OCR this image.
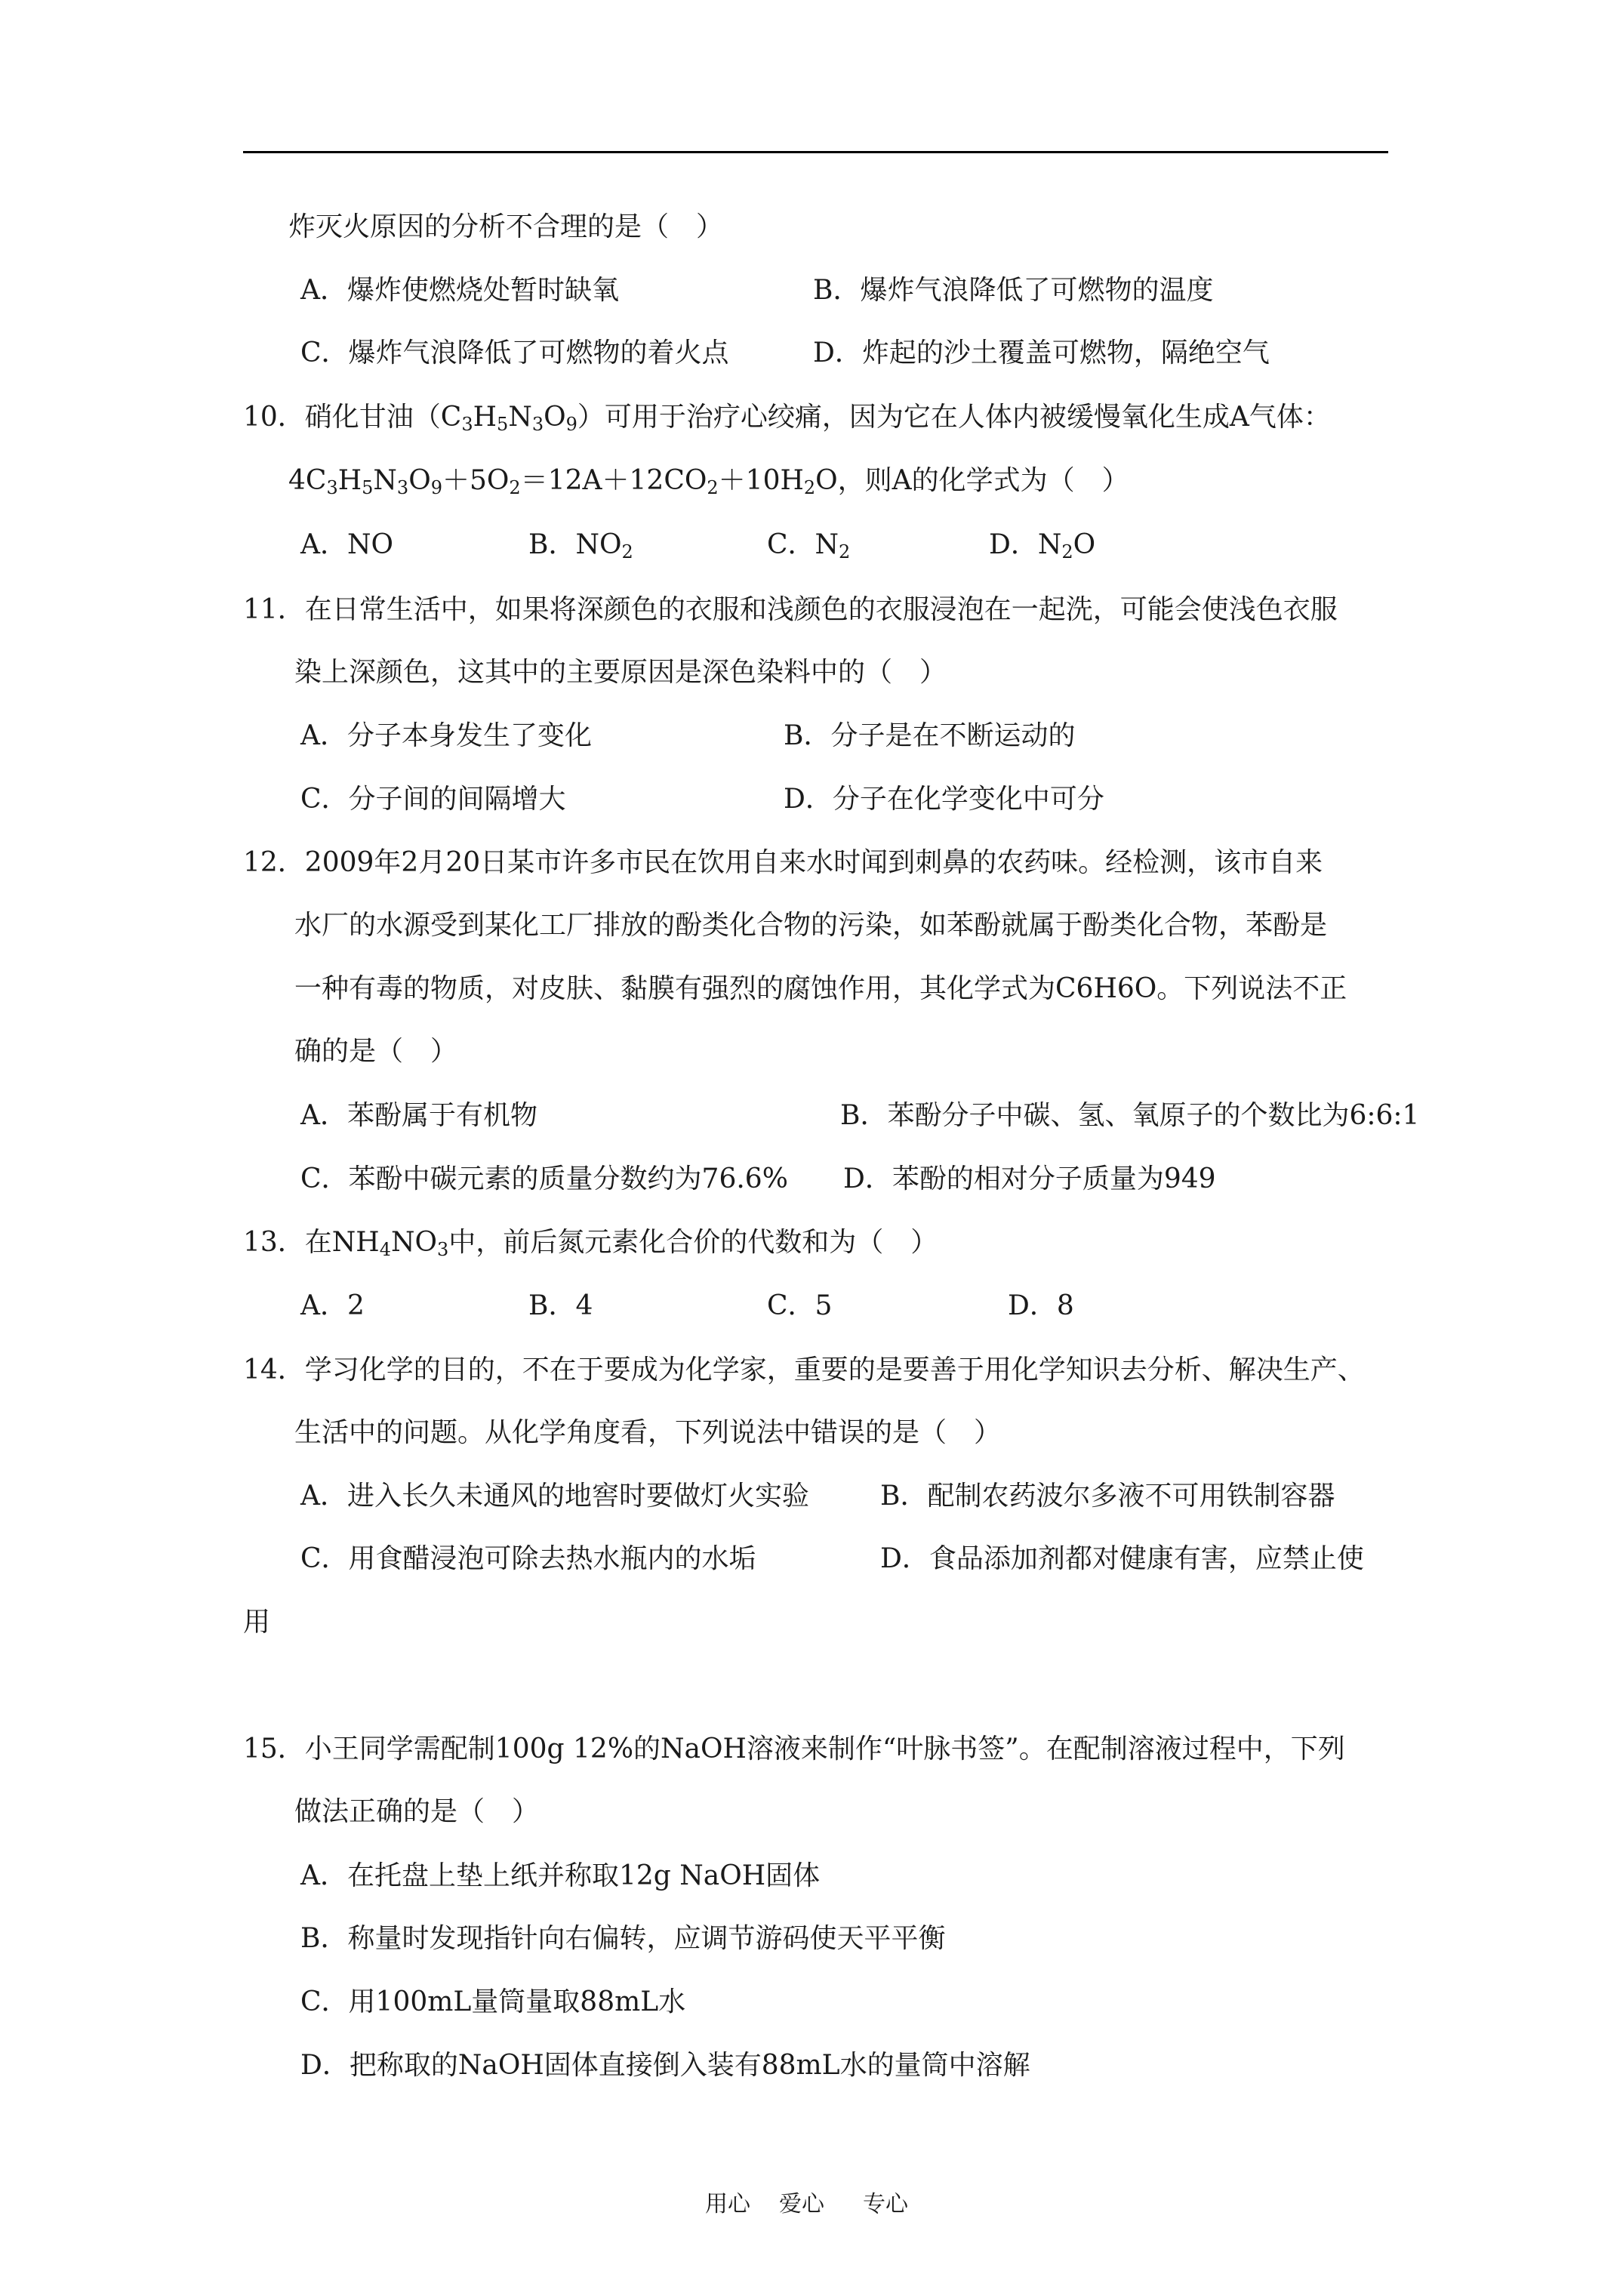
炸灭火原因的分析不合理的是（　）
A．爆炸使燃烧处暂时缺氧	B．爆炸气浪降低了可燃物的温度
C．爆炸气浪降低了可燃物的着火点	D．炸起的沙土覆盖可燃物，隔绝空气
10．硝化甘油$(C_3H_5N_3O_9)$可用于治疗心绞痛，因为它在人体内被缓慢氧化生成A气体：
$4C_3H_5N_3O_9+5O_2=12A+12CO_2+10H_2O$，则A的化学式为（　）
A．NO	B．$NO_2$	C．$N_2$	D．$N_2O$
11．在日常生活中，如果将深颜色的衣服和浅颜色的衣服浸泡在一起洗，可能会使浅色衣服
染上深颜色，这其中的主要原因是深色染料中的（　）
A．分子本身发生了变化	B．分子是在不断运动的
C．分子间的间隔增大	D．分子在化学变化中可分
12．2009年2月20日某市许多市民在饮用自来水时闻到刺鼻的农药味。经检测，该市自来
水厂的水源受到某化工厂排放的酚类化合物的污染，如苯酚就属于酚类化合物，苯酚是
一种有毒的物质，对皮肤、黏膜有强烈的腐蚀作用，其化学式为C6H6O。下列说法不正
确的是（　）
A．苯酚属于有机物	B．苯酚分子中碳、氢、氧原子的个数比为6:6:1
C．苯酚中碳元素的质量分数约为76.6% D．苯酚的相对分子质量为949
13．在$NH_4NO_3$中，前后氮元素化合价的代数和为（　）
A．2	B．4	C．5	D．8
14．学习化学的目的，不在于要成为化学家，重要的是要善于用化学知识去分析、解决生产、
生活中的问题。从化学角度看，下列说法中错误的是（　）
A．进入长久未通风的地窖时要做灯火实验	B．配制农药波尔多液不可用铁制容器
C．用食醋浸泡可除去热水瓶内的水垢	D．食品添加剂都对健康有害，应禁止使
用
15．小王同学需配制100g 12%的NaOH溶液来制作“叶脉书签”。在配制溶液过程中，下列
做法正确的是（　）
A．在托盘上垫上纸并称取12g NaOH固体
B．称量时发现指针向右偏转，应调节游码使天平平衡
C．用100mL量筒量取88mL水
D．把称取的NaOH固体直接倒入装有88mL水的量筒中溶解
用心 爱心 专心
